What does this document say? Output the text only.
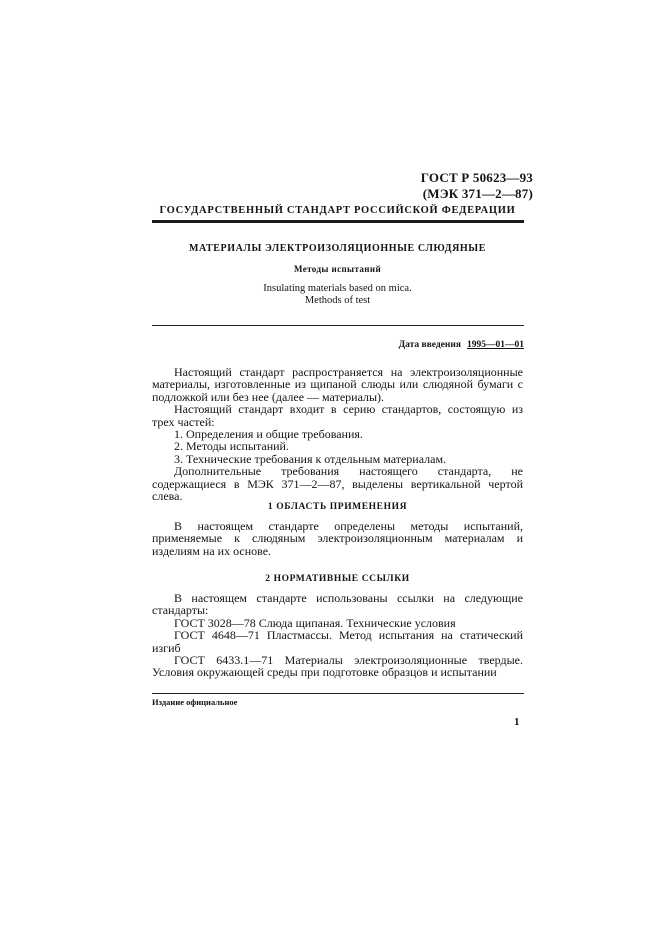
ГОСТ Р 50623—93
(МЭК 371—2—87)
ГОСУДАРСТВЕННЫЙ СТАНДАРТ РОССИЙСКОЙ ФЕДЕРАЦИИ
МАТЕРИАЛЫ ЭЛЕКТРОИЗОЛЯЦИОННЫЕ СЛЮДЯНЫЕ
Методы испытаний
Insulating materials based on mica.
Methods of test
Дата введения 1995—01—01

Настоящий стандарт распространяется на электроизоляционные материалы, изготовленные из щипаной слюды или слюдяной бумаги с подложкой или без нее (далее — материалы).

Настоящий стандарт входит в серию стандартов, состоящую из трех частей:

1. Определения и общие требования.

2. Методы испытаний.

3. Технические требования к отдельным материалам.

Дополнительные требования настоящего стандарта, не содержащиеся в МЭК 371—2—87, выделены вертикальной чертой слева.

1 ОБЛАСТЬ ПРИМЕНЕНИЯ

В настоящем стандарте определены методы испытаний, применяемые к слюдяным электроизоляционным материалам и изделиям на их основе.

2 НОРМАТИВНЫЕ ССЫЛКИ

В настоящем стандарте использованы ссылки на следующие стандарты:

ГОСТ 3028—78 Слюда щипаная. Технические условия

ГОСТ 4648—71 Пластмассы. Метод испытания на статический изгиб

ГОСТ 6433.1—71 Материалы электроизоляционные твердые. Условия окружающей среды при подготовке образцов и испытании

Издание официальное
1
